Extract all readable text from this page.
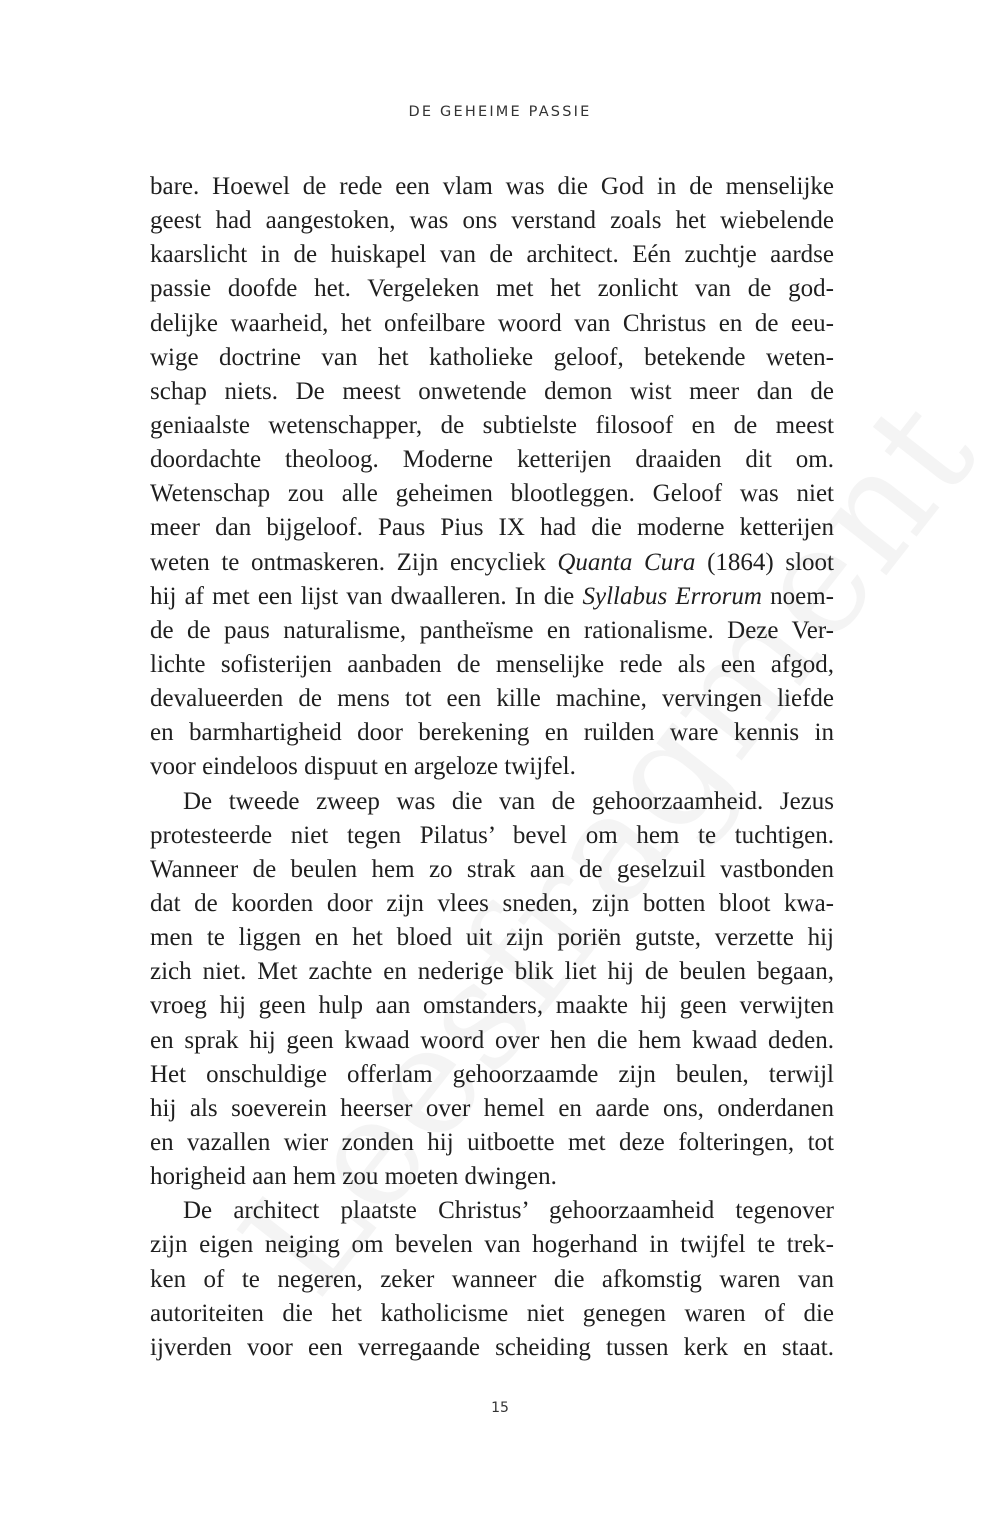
DE GEHEIME PASSIE
bare. Hoewel de rede een vlam was die God in de menselijke
geest had aangestoken, was ons verstand zoals het wiebelende
kaarslicht in de huiskapel van de architect. Eén zuchtje aardse
passie doofde het. Vergeleken met het zonlicht van de god-
delijke waarheid, het onfeilbare woord van Christus en de eeu-
wige doctrine van het katholieke geloof, betekende weten-
schap niets. De meest onwetende demon wist meer dan de
geniaalste wetenschapper, de subtielste filosoof en de meest
doordachte theoloog. Moderne ketterijen draaiden dit om.
Wetenschap zou alle geheimen blootleggen. Geloof was niet
meer dan bijgeloof. Paus Pius IX had die moderne ketterijen
weten te ontmaskeren. Zijn encycliek Quanta Cura (1864) sloot
hij af met een lijst van dwaalleren. In die Syllabus Errorum noem-
de de paus naturalisme, pantheïsme en rationalisme. Deze Ver-
lichte sofisterijen aanbaden de menselijke rede als een afgod,
devalueerden de mens tot een kille machine, vervingen liefde
en barmhartigheid door berekening en ruilden ware kennis in
voor eindeloos dispuut en argeloze twijfel.
De tweede zweep was die van de gehoorzaamheid. Jezus
protesteerde niet tegen Pilatus’ bevel om hem te tuchtigen.
Wanneer de beulen hem zo strak aan de geselzuil vastbonden
dat de koorden door zijn vlees sneden, zijn botten bloot kwa-
men te liggen en het bloed uit zijn poriën gutste, verzette hij
zich niet. Met zachte en nederige blik liet hij de beulen begaan,
vroeg hij geen hulp aan omstanders, maakte hij geen verwijten
en sprak hij geen kwaad woord over hen die hem kwaad deden.
Het onschuldige offerlam gehoorzaamde zijn beulen, terwijl
hij als soeverein heerser over hemel en aarde ons, onderdanen
en vazallen wier zonden hij uitboette met deze folteringen, tot
horigheid aan hem zou moeten dwingen.
De architect plaatste Christus’ gehoorzaamheid tegenover
zijn eigen neiging om bevelen van hogerhand in twijfel te trek-
ken of te negeren, zeker wanneer die afkomstig waren van
autoriteiten die het katholicisme niet genegen waren of die
ijverden voor een verregaande scheiding tussen kerk en staat.
15
